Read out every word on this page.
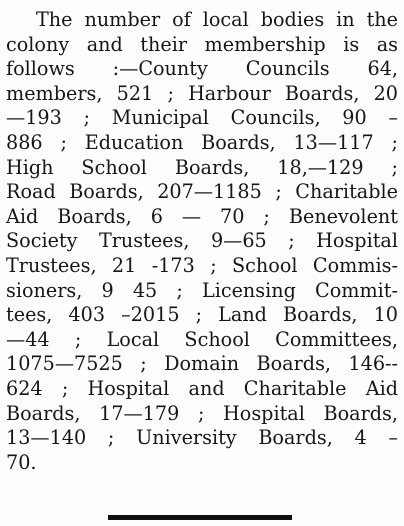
The number of local bodies in the
colony and their membership is as
follows :—County Councils 64,
members, 521 ; Harbour Boards, 20
—193 ; Municipal Councils, 90 –
886 ; Education Boards, 13—117 ;
High School Boards, 18,—129 ;
Road Boards, 207—1185 ; Charitable
Aid Boards, 6 — 70 ; Benevolent
Society Trustees, 9—65 ; Hospital
Trustees, 21 -173 ; School Commis-
sioners, 9 45 ; Licensing Commit-
tees, 403 –2015 ; Land Boards, 10
—44 ; Local School Committees,
1075—7525 ; Domain Boards, 146--
624 ; Hospital and Charitable Aid
Boards, 17—179 ; Hospital Boards,
13—140 ; University Boards, 4 –
70.
